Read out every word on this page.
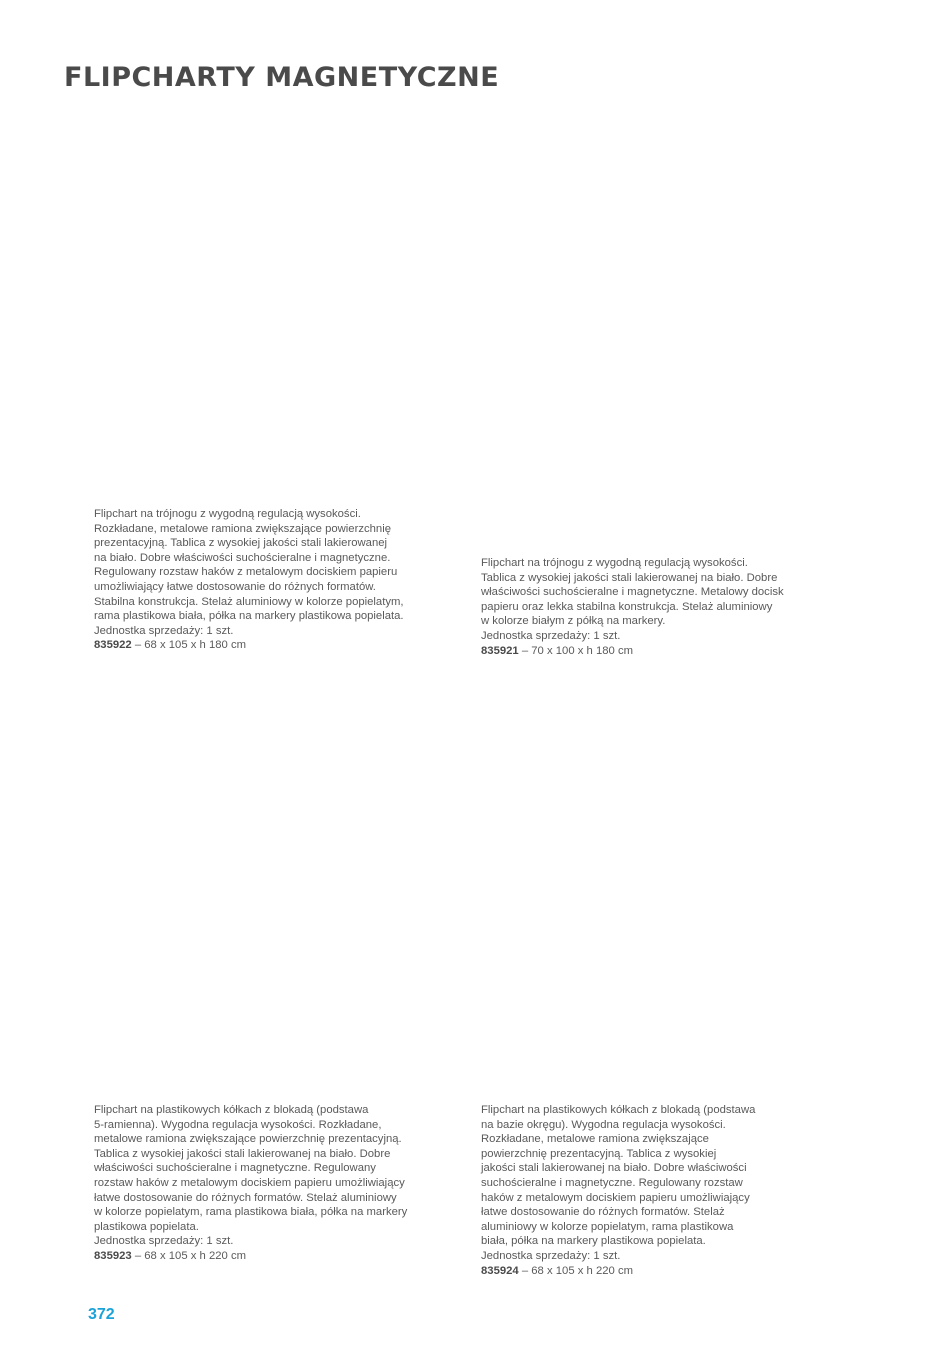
FLIPCHARTY MAGNETYCZNE

Flipchart na trójnogu z wygodną regulacją wysokości.

Rozkładane, metalowe ramiona zwiększające powierzchnię

prezentacyjną. Tablica z wysokiej jakości stali lakierowanej

na biało. Dobre właściwości suchościeralne i magnetyczne.

Regulowany rozstaw haków z metalowym dociskiem papieru

umożliwiający łatwe dostosowanie do różnych formatów.

Stabilna konstrukcja. Stelaż aluminiowy w kolorze popielatym,

rama plastikowa biała, półka na markery plastikowa popielata.

Jednostka sprzedaży: 1 szt.

835922 – 68 x 105 x h 180 cm

Flipchart na trójnogu z wygodną regulacją wysokości.

Tablica z wysokiej jakości stali lakierowanej na biało. Dobre

właściwości suchościeralne i magnetyczne. Metalowy docisk

papieru oraz lekka stabilna konstrukcja. Stelaż aluminiowy

w kolorze białym z półką na markery.

Jednostka sprzedaży: 1 szt.

835921 – 70 x 100 x h 180 cm

Flipchart na plastikowych kółkach z blokadą (podstawa

5-ramienna). Wygodna regulacja wysokości. Rozkładane,

metalowe ramiona zwiększające powierzchnię prezentacyjną.

Tablica z wysokiej jakości stali lakierowanej na biało. Dobre

właściwości suchościeralne i magnetyczne. Regulowany

rozstaw haków z metalowym dociskiem papieru umożliwiający

łatwe dostosowanie do różnych formatów. Stelaż aluminiowy

w kolorze popielatym, rama plastikowa biała, półka na markery

plastikowa popielata.

Jednostka sprzedaży: 1 szt.

835923 – 68 x 105 x h 220 cm

Flipchart na plastikowych kółkach z blokadą (podstawa

na bazie okręgu). Wygodna regulacja wysokości.

Rozkładane, metalowe ramiona zwiększające

powierzchnię prezentacyjną. Tablica z wysokiej

jakości stali lakierowanej na biało. Dobre właściwości

suchościeralne i magnetyczne. Regulowany rozstaw

haków z metalowym dociskiem papieru umożliwiający

łatwe dostosowanie do różnych formatów. Stelaż

aluminiowy w kolorze popielatym, rama plastikowa

biała, półka na markery plastikowa popielata.

Jednostka sprzedaży: 1 szt.

835924 – 68 x 105 x h 220 cm
372
